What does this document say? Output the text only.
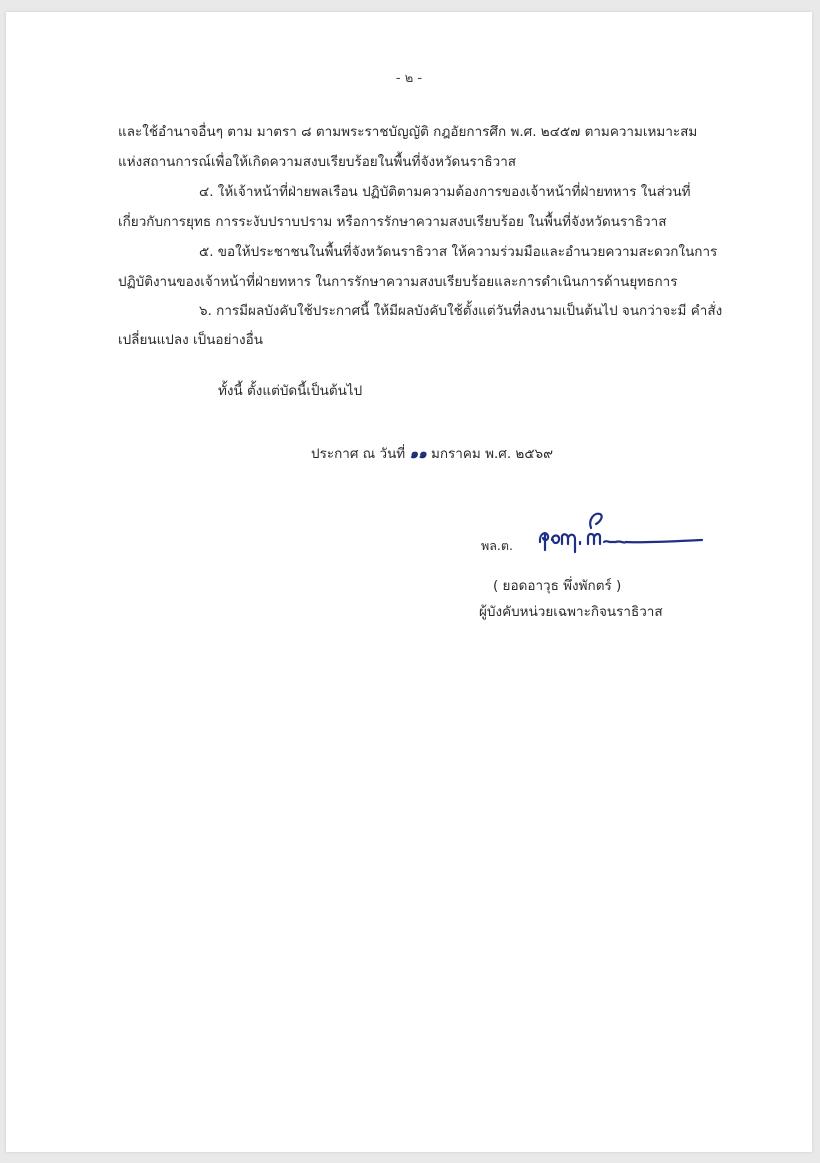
- ๒ -
และใช้อำนาจอื่นๆ ตาม มาตรา ๘ ตามพระราชบัญญัติ กฎอัยการศึก พ.ศ. ๒๔๕๗ ตามความเหมาะสม
แห่งสถานการณ์เพื่อให้เกิดความสงบเรียบร้อยในพื้นที่จังหวัดนราธิวาส
๔. ให้เจ้าหน้าที่ฝ่ายพลเรือน ปฏิบัติตามความต้องการของเจ้าหน้าที่ฝ่ายทหาร ในส่วนที่
เกี่ยวกับการยุทธ การระงับปราบปราม หรือการรักษาความสงบเรียบร้อย ในพื้นที่จังหวัดนราธิวาส
๕. ขอให้ประชาชนในพื้นที่จังหวัดนราธิวาส ให้ความร่วมมือและอำนวยความสะดวกในการ
ปฏิบัติงานของเจ้าหน้าที่ฝ่ายทหาร ในการรักษาความสงบเรียบร้อยและการดำเนินการด้านยุทธการ
๖. การมีผลบังคับใช้ประกาศนี้ ให้มีผลบังคับใช้ตั้งแต่วันที่ลงนามเป็นต้นไป จนกว่าจะมี คำสั่ง
เปลี่ยนแปลง เป็นอย่างอื่น
ทั้งนี้ ตั้งแต่บัดนี้เป็นต้นไป
ประกาศ ณ วันที่ ๑๑ มกราคม พ.ศ. ๒๕๖๙
พล.ต.
( ยอดอาวุธ พึ่งพักตร์ )
ผู้บังคับหน่วยเฉพาะกิจนราธิวาส
